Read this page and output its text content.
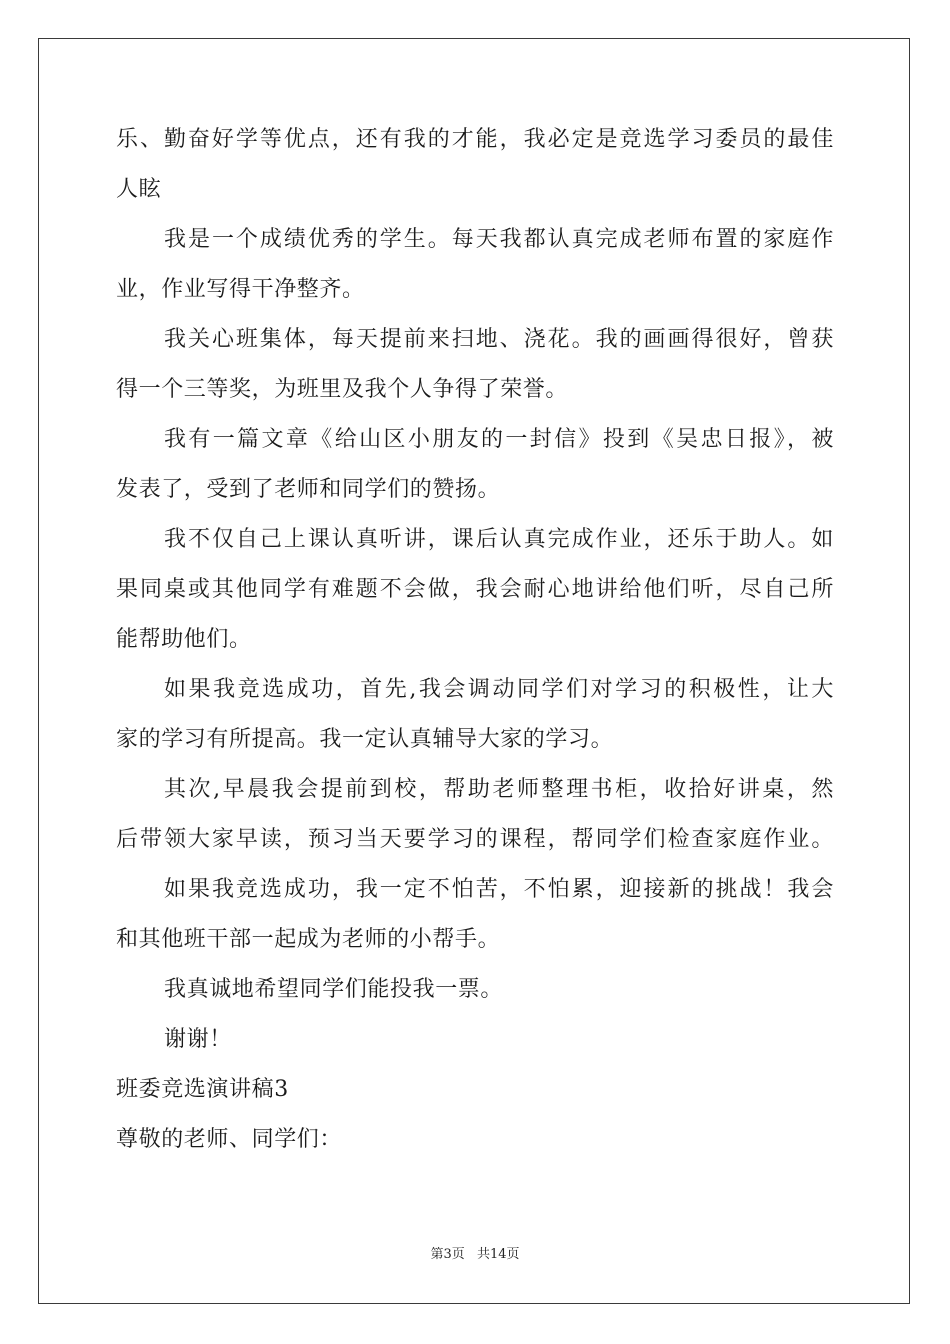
乐、勤奋好学等优点，还有我的才能，我必定是竞选学习委员的最佳

人眩

我是一个成绩优秀的学生。每天我都认真完成老师布置的家庭作

业，作业写得干净整齐。

我关心班集体，每天提前来扫地、浇花。我的画画得很好，曾获

得一个三等奖，为班里及我个人争得了荣誉。

我有一篇文章《给山区小朋友的一封信》投到《吴忠日报》，被

发表了，受到了老师和同学们的赞扬。

我不仅自己上课认真听讲，课后认真完成作业，还乐于助人。如

果同桌或其他同学有难题不会做，我会耐心地讲给他们听，尽自己所

能帮助他们。

如果我竞选成功，首先,我会调动同学们对学习的积极性，让大

家的学习有所提高。我一定认真辅导大家的学习。

其次,早晨我会提前到校，帮助老师整理书柜，收拾好讲桌，然

后带领大家早读，预习当天要学习的课程，帮同学们检查家庭作业。

如果我竞选成功，我一定不怕苦，不怕累，迎接新的挑战！我会

和其他班干部一起成为老师的小帮手。

我真诚地希望同学们能投我一票。

谢谢！

班委竞选演讲稿3

尊敬的老师、同学们：

第3页 共14页
